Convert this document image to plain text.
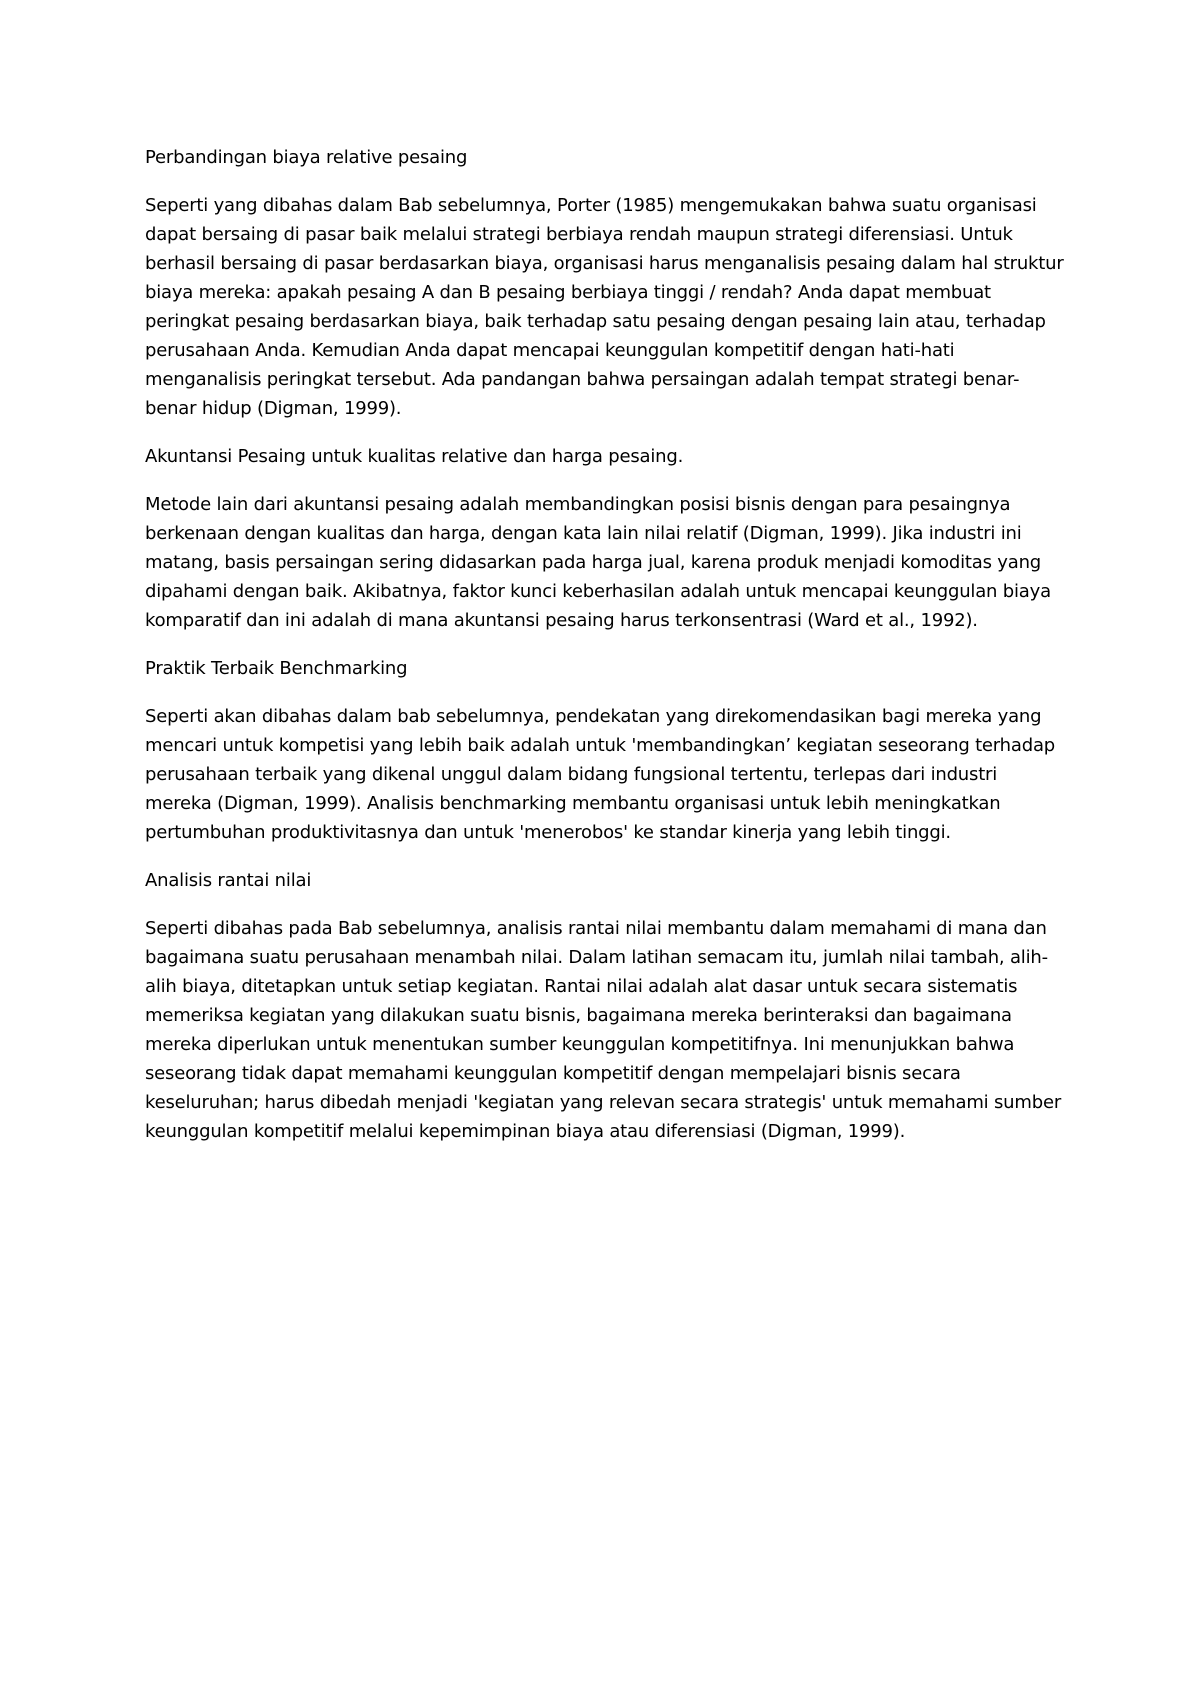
Perbandingan biaya relative pesaing

Seperti yang dibahas dalam Bab sebelumnya, Porter (1985) mengemukakan bahwa suatu organisasi dapat bersaing di pasar baik melalui strategi berbiaya rendah maupun strategi diferensiasi. Untuk berhasil bersaing di pasar berdasarkan biaya, organisasi harus menganalisis pesaing dalam hal struktur biaya mereka: apakah pesaing A dan B pesaing berbiaya tinggi / rendah? Anda dapat membuat peringkat pesaing berdasarkan biaya, baik terhadap satu pesaing dengan pesaing lain atau, terhadap perusahaan Anda. Kemudian Anda dapat mencapai keunggulan kompetitif dengan hati-hati menganalisis peringkat tersebut. Ada pandangan bahwa persaingan adalah tempat strategi benar-benar hidup (Digman, 1999).

Akuntansi Pesaing untuk kualitas relative dan harga pesaing.

Metode lain dari akuntansi pesaing adalah membandingkan posisi bisnis dengan para pesaingnya berkenaan dengan kualitas dan harga, dengan kata lain nilai relatif (Digman, 1999). Jika industri ini matang, basis persaingan sering didasarkan pada harga jual, karena produk menjadi komoditas yang dipahami dengan baik. Akibatnya, faktor kunci keberhasilan adalah untuk mencapai keunggulan biaya komparatif dan ini adalah di mana akuntansi pesaing harus terkonsentrasi (Ward et al., 1992).

Praktik Terbaik Benchmarking

Seperti akan dibahas dalam bab sebelumnya, pendekatan yang direkomendasikan bagi mereka yang mencari untuk kompetisi yang lebih baik adalah untuk 'membandingkan’ kegiatan seseorang terhadap perusahaan terbaik yang dikenal unggul dalam bidang fungsional tertentu, terlepas dari industri mereka (Digman, 1999). Analisis benchmarking membantu organisasi untuk lebih meningkatkan pertumbuhan produktivitasnya dan untuk 'menerobos' ke standar kinerja yang lebih tinggi.

Analisis rantai nilai

Seperti dibahas pada Bab sebelumnya, analisis rantai nilai membantu dalam memahami di mana dan bagaimana suatu perusahaan menambah nilai. Dalam latihan semacam itu, jumlah nilai tambah, alih-alih biaya, ditetapkan untuk setiap kegiatan. Rantai nilai adalah alat dasar untuk secara sistematis memeriksa kegiatan yang dilakukan suatu bisnis, bagaimana mereka berinteraksi dan bagaimana mereka diperlukan untuk menentukan sumber keunggulan kompetitifnya. Ini menunjukkan bahwa seseorang tidak dapat memahami keunggulan kompetitif dengan mempelajari bisnis secara keseluruhan; harus dibedah menjadi 'kegiatan yang relevan secara strategis' untuk memahami sumber keunggulan kompetitif melalui kepemimpinan biaya atau diferensiasi (Digman, 1999).
